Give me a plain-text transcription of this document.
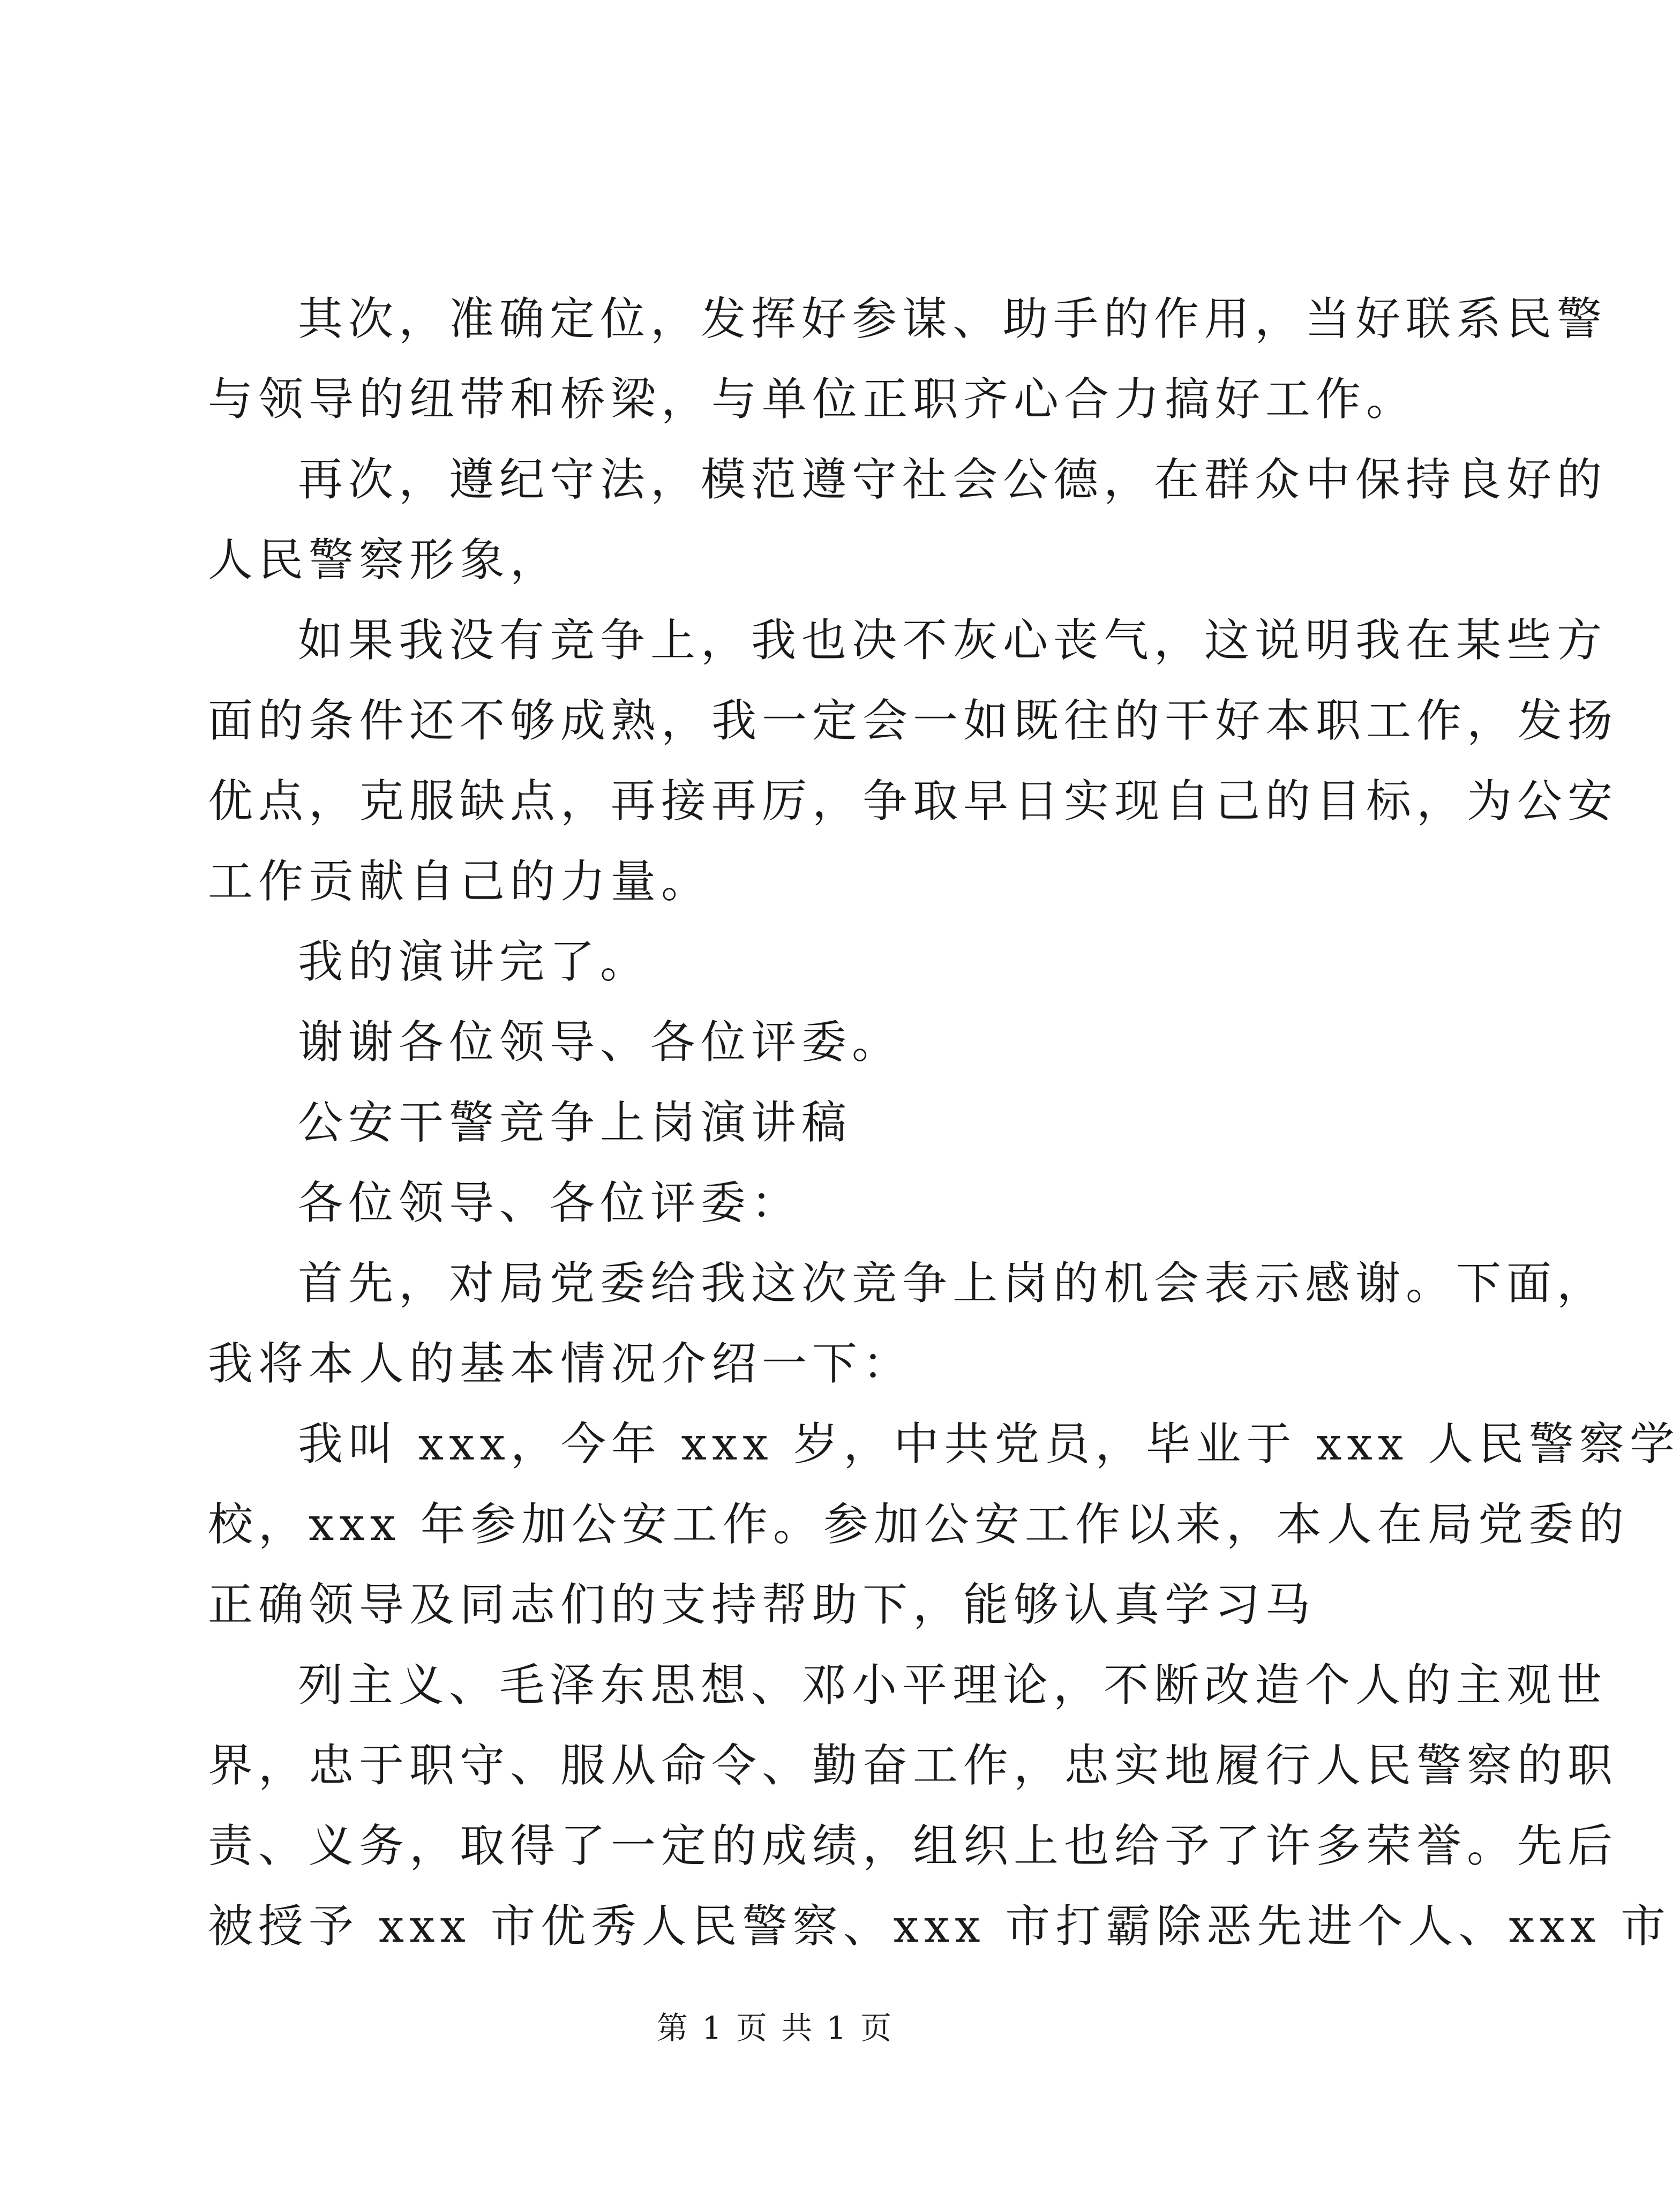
其次，准确定位，发挥好参谋、助手的作用，当好联系民警
与领导的纽带和桥梁，与单位正职齐心合力搞好工作。
再次，遵纪守法，模范遵守社会公德，在群众中保持良好的
人民警察形象，
如果我没有竞争上，我也决不灰心丧气，这说明我在某些方
面的条件还不够成熟，我一定会一如既往的干好本职工作，发扬
优点，克服缺点，再接再厉，争取早日实现自己的目标，为公安
工作贡献自己的力量。
我的演讲完了。
谢谢各位领导、各位评委。
公安干警竞争上岗演讲稿
各位领导、各位评委：
首先，对局党委给我这次竞争上岗的机会表示感谢。下面，
我将本人的基本情况介绍一下：
我叫 xxx，今年 xxx 岁，中共党员，毕业于 xxx 人民警察学
校，xxx 年参加公安工作。参加公安工作以来，本人在局党委的
正确领导及同志们的支持帮助下，能够认真学习马
列主义、毛泽东思想、邓小平理论，不断改造个人的主观世
界，忠于职守、服从命令、勤奋工作，忠实地履行人民警察的职
责、义务，取得了一定的成绩，组织上也给予了许多荣誉。先后
被授予 xxx 市优秀人民警察、xxx 市打霸除恶先进个人、xxx 市
第 1 页 共 1 页
